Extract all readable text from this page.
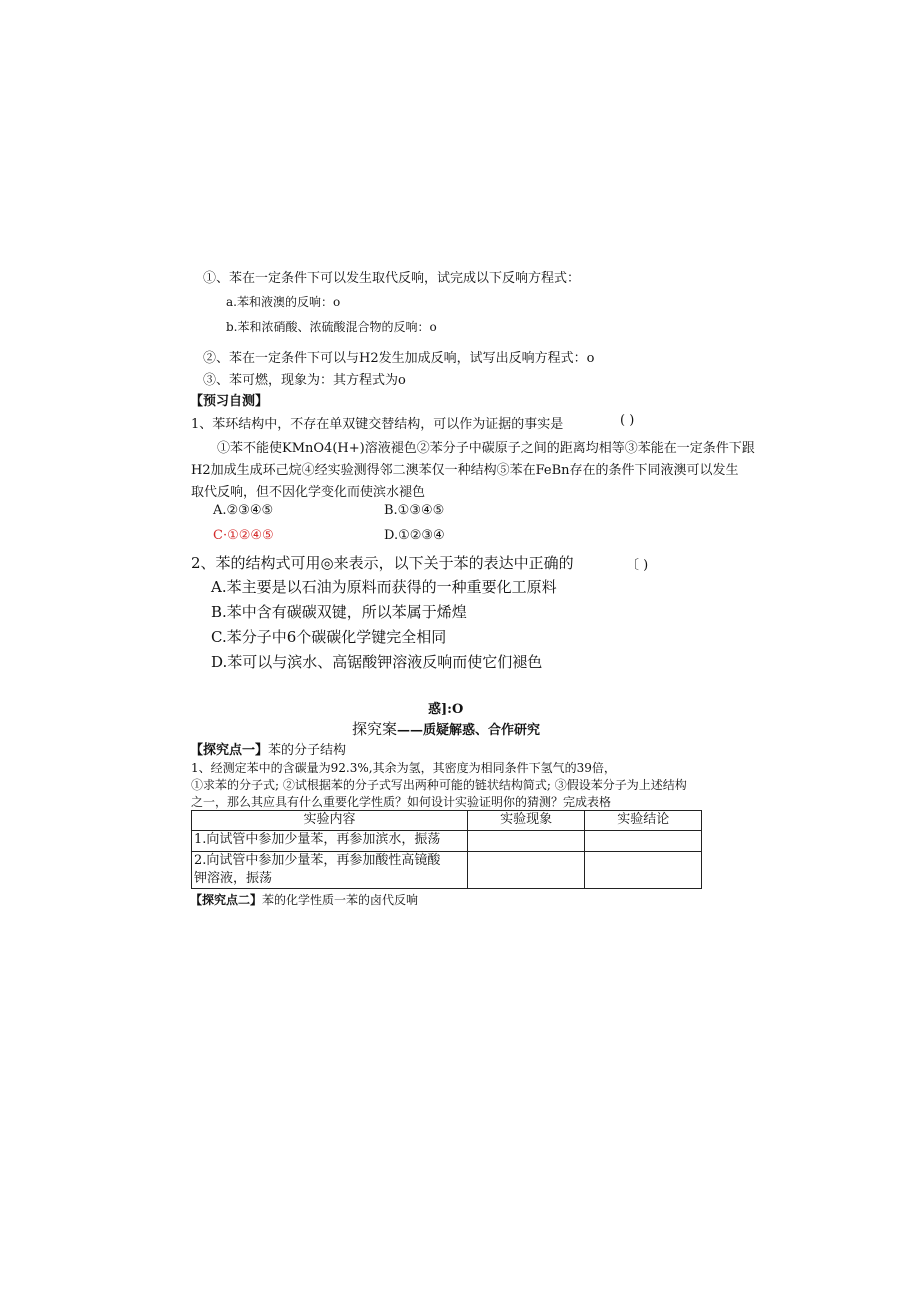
①、苯在一定条件下可以发生取代反响，试完成以下反响方程式：
a.苯和液澳的反响：o
b.苯和浓硝酸、浓硫酸混合物的反响：o
②、苯在一定条件下可以与H2发生加成反响，试写出反响方程式：o
③、苯可燃，现象为：其方程式为o
【预习自测】
1、苯环结构中，不存在单双键交替结构，可以作为证据的事实是	( )
①苯不能使KMnO4(H+)溶液褪色②苯分子中碳原子之间的距离均相等③苯能在一定条件下跟
H2加成生成环己烷④经实验测得邻二澳苯仅一种结构⑤苯在FeBn存在的条件下同液澳可以发生
取代反响，但不因化学变化而使滨水褪色
A.②③④⑤	B.①③④⑤
C·①②④⑤	D.①②③④
2、苯的结构式可用◎来表示，以下关于苯的表达中正确的	〔 )
A.苯主要是以石油为原料而获得的一种重要化工原料
B.苯中含有碳碳双键，所以苯属于烯煌
C.苯分子中6个碳碳化学键完全相同
D.苯可以与滨水、高锯酸钾溶液反响而使它们褪色
惑]:O
探究案——质疑解惑、合作研究
【探究点一】苯的分子结构
1、经测定苯中的含碳量为92.3%,其余为氢，其密度为相同条件下氢气的39倍，
①求苯的分子式; ②试根据苯的分子式写出两种可能的链状结构简式; ③假设苯分子为上述结构
之一，那么其应具有什么重要化学性质？如何设计实验证明你的猜测？完成表格
实验内容	实验现象	实验结论
1.向试管中参加少量苯，再参加滨水，振荡		

2.向试管中参加少量苯，再参加酸性高镜酸
钾溶液，振荡		

【探究点二】苯的化学性质一苯的卤代反响
